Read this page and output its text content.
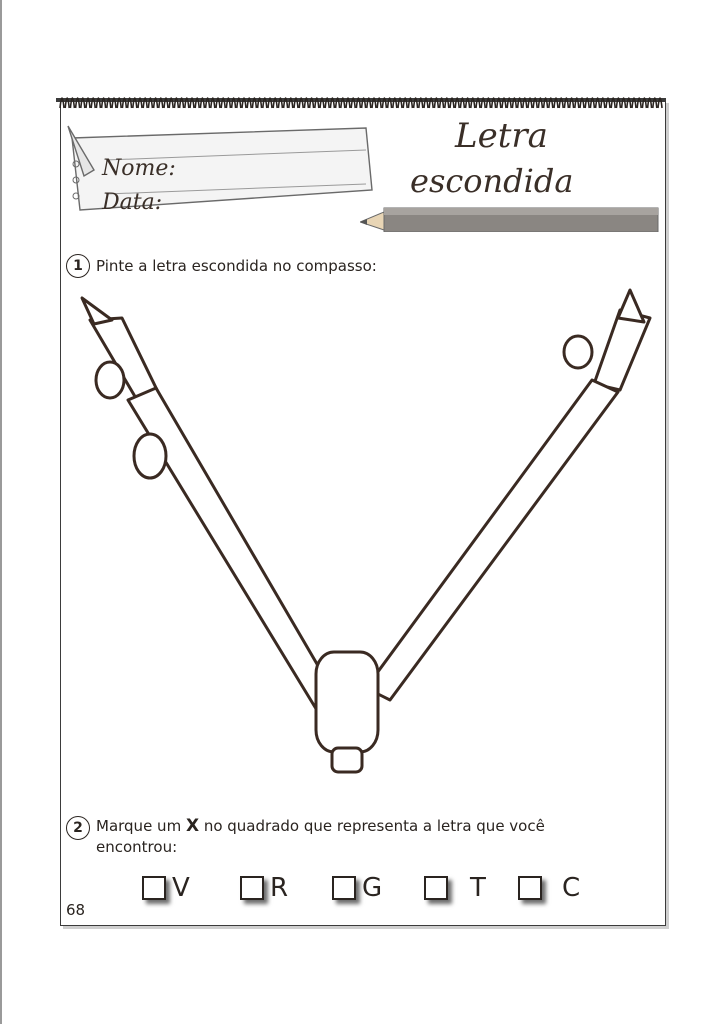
Nome:
Data:
Letra
escondida
1 Pinte a letra escondida no compasso:
2 Marque um X no quadrado que representa a letra que você
encontrou:
V	R	G	T	C
68
